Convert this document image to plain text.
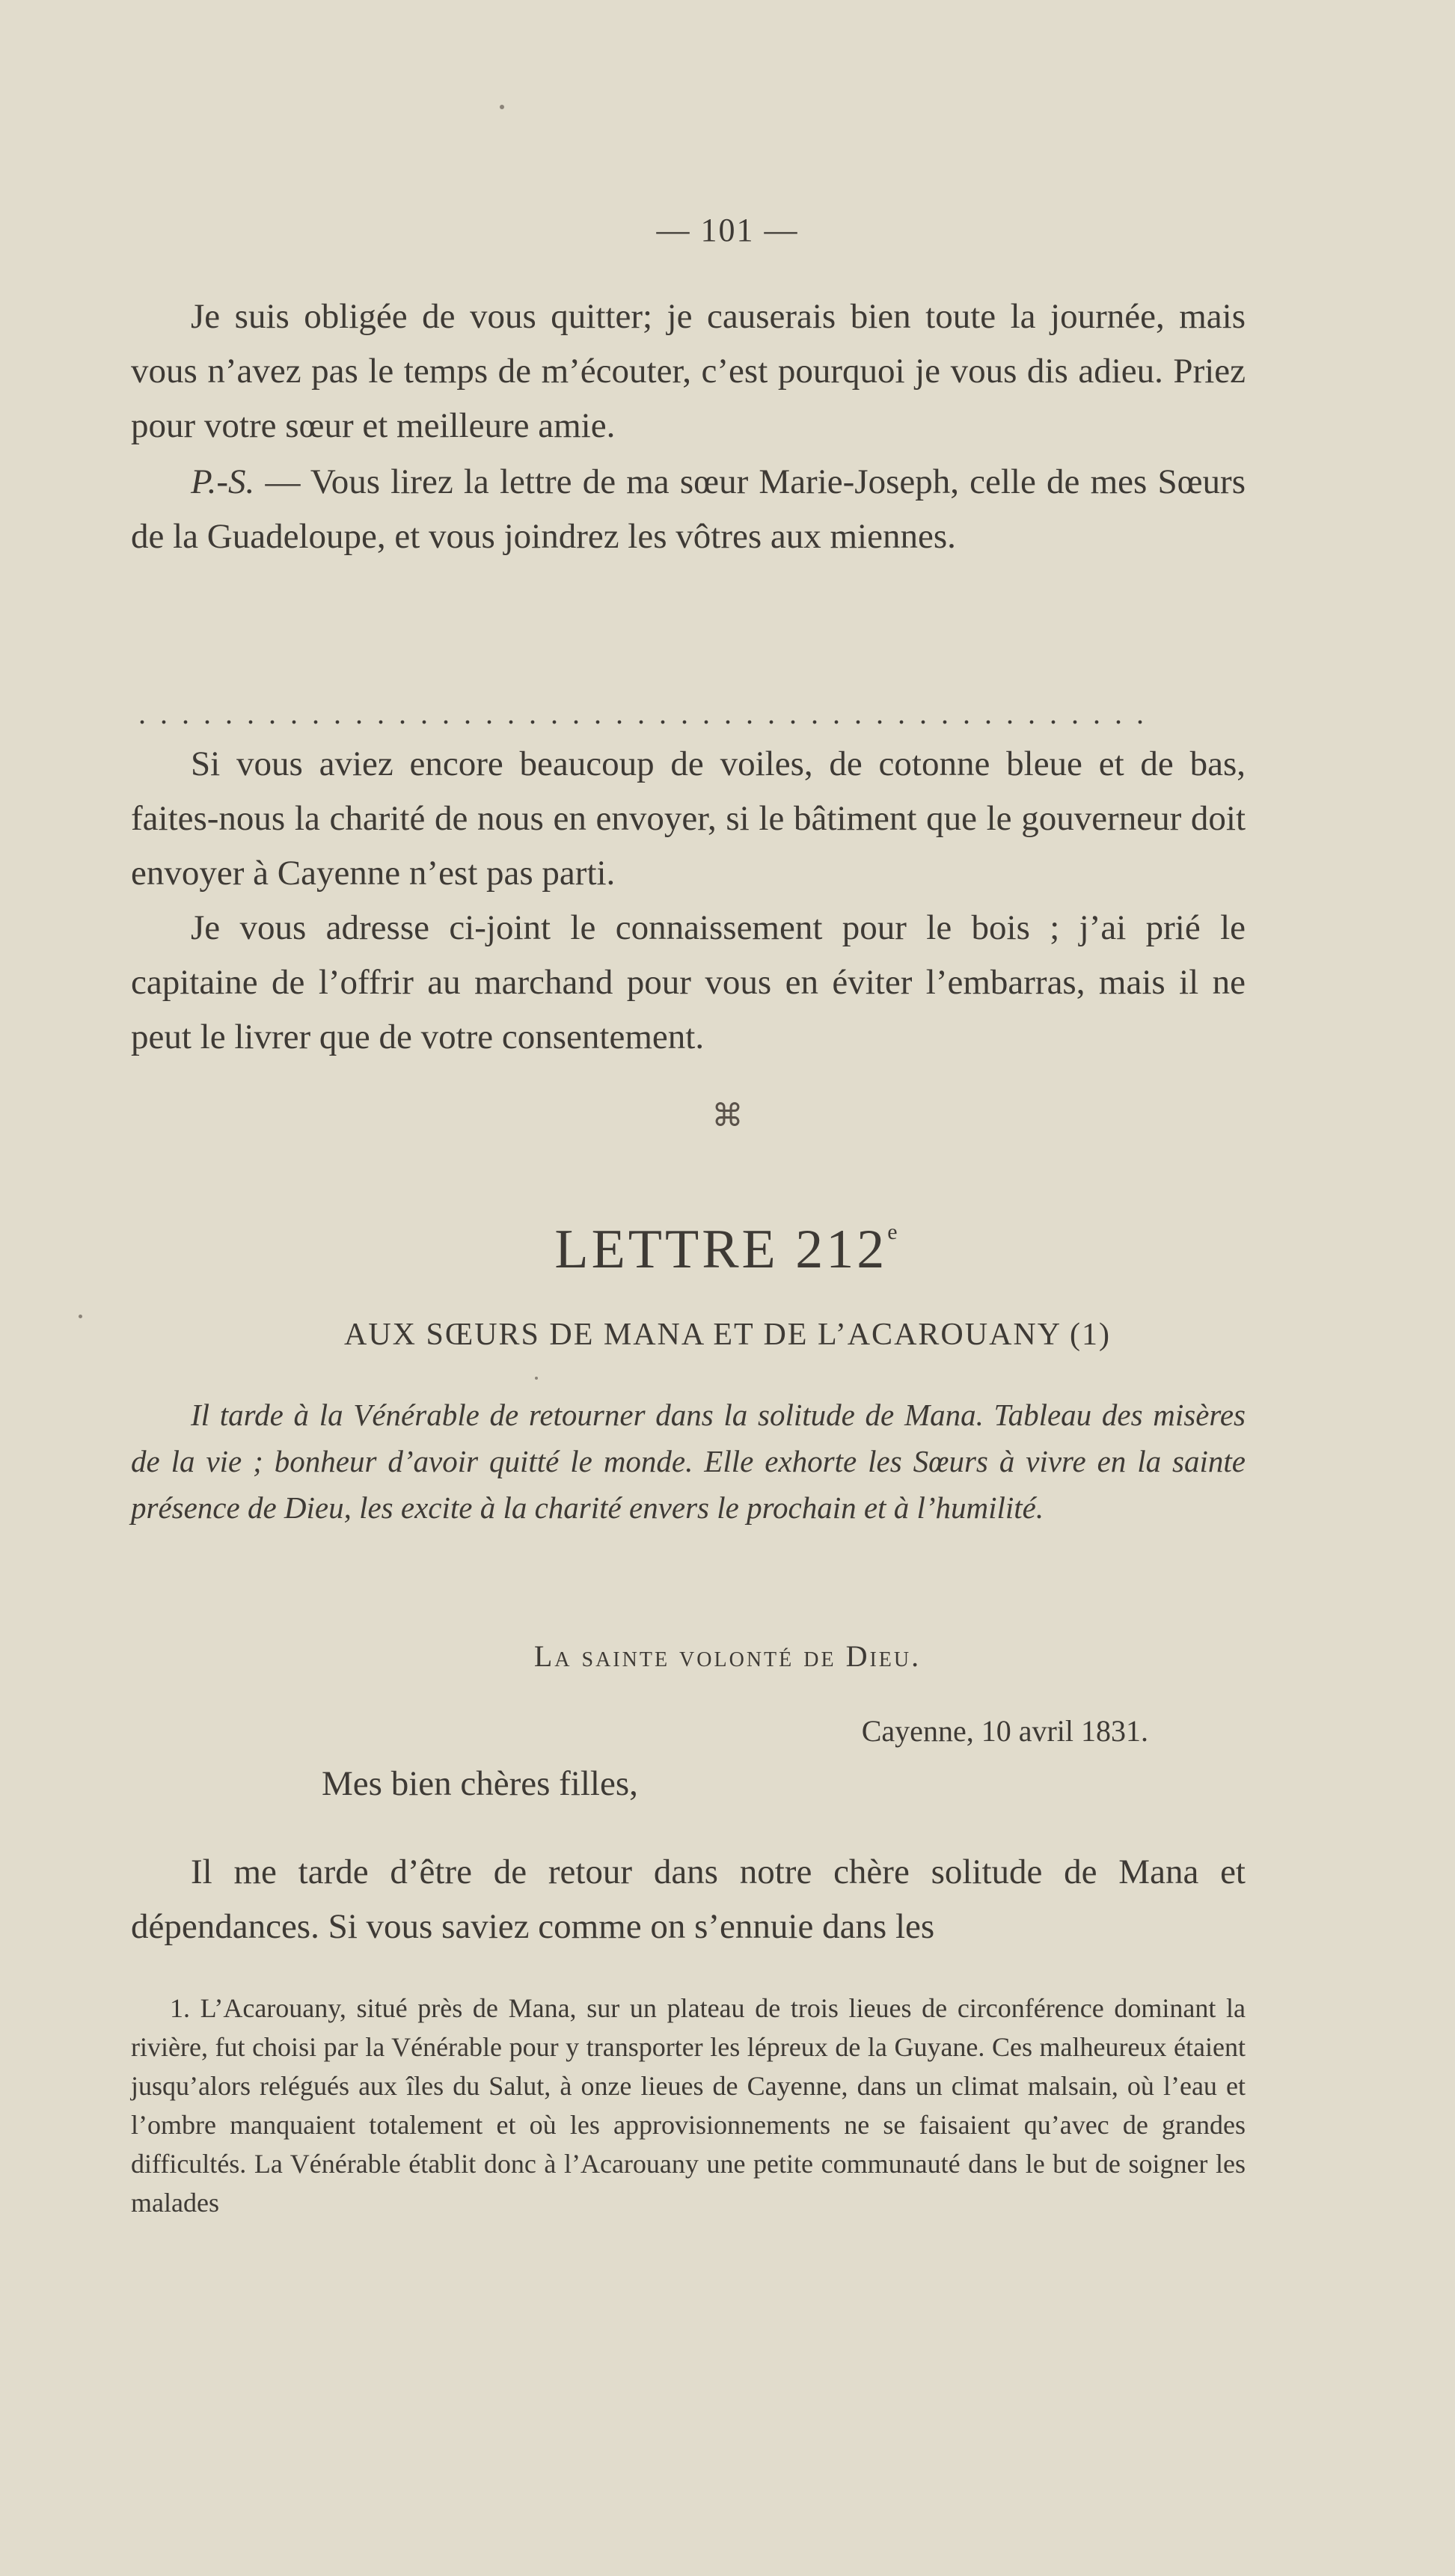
— 101 —

Je suis obligée de vous quitter; je causerais bien toute la journée, mais vous n’avez pas le temps de m’écouter, c’est pourquoi je vous dis adieu. Priez pour votre sœur et meilleure amie.

P.-S. — Vous lirez la lettre de ma sœur Marie-Joseph, celle de mes Sœurs de la Guadeloupe, et vous joindrez les vôtres aux miennes.

...............................................

Si vous aviez encore beaucoup de voiles, de cotonne bleue et de bas, faites-nous la charité de nous en envoyer, si le bâtiment que le gouverneur doit envoyer à Cayenne n’est pas parti.

Je vous adresse ci-joint le connaissement pour le bois ; j’ai prié le capitaine de l’offrir au marchand pour vous en éviter l’embarras, mais il ne peut le livrer que de votre consentement.

⌘
LETTRE 212e
AUX SŒURS DE MANA ET DE L’ACAROUANY (1)
Il tarde à la Vénérable de retourner dans la solitude de Mana. Tableau des misères de la vie ; bonheur d’avoir quitté le monde. Elle exhorte les Sœurs à vivre en la sainte présence de Dieu, les excite à la charité envers le prochain et à l’humilité.
La sainte volonté de Dieu.
Cayenne, 10 avril 1831.
Mes bien chères filles,

Il me tarde d’être de retour dans notre chère solitude de Mana et dépendances. Si vous saviez comme on s’ennuie dans les

1. L’Acarouany, situé près de Mana, sur un plateau de trois lieues de circonférence dominant la rivière, fut choisi par la Vénérable pour y transporter les lépreux de la Guyane. Ces malheureux étaient jusqu’alors relégués aux îles du Salut, à onze lieues de Cayenne, dans un climat malsain, où l’eau et l’ombre manquaient totalement et où les approvisionnements ne se faisaient qu’avec de grandes difficultés. La Vénérable établit donc à l’Acarouany une petite communauté dans le but de soigner les malades
